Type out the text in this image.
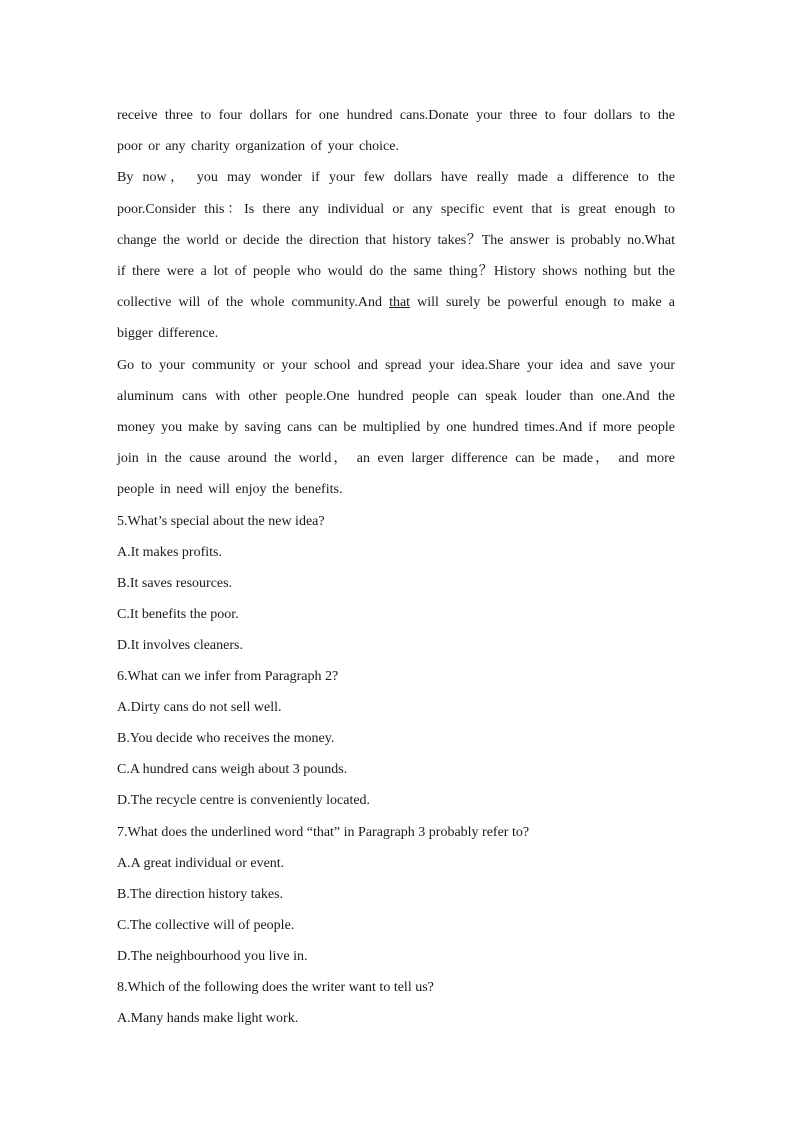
receive three to four dollars for one hundred cans.Donate your three to four dollars to the poor or any charity organization of your choice.

By now， you may wonder if your few dollars have really made a difference to the poor.Consider this：Is there any individual or any specific event that is great enough to change the world or decide the direction that history takes？The answer is probably no.What if there were a lot of people who would do the same thing？History shows nothing but the collective will of the whole community.And that will surely be powerful enough to make a bigger difference.

Go to your community or your school and spread your idea.Share your idea and save your aluminum cans with other people.One hundred people can speak louder than one.And the money you make by saving cans can be multiplied by one hundred times.And if more people join in the cause around the world， an even larger difference can be made， and more people in need will enjoy the benefits.

5.What’s special about the new idea?

A.It makes profits.

B.It saves resources.

C.It benefits the poor.

D.It involves cleaners.

6.What can we infer from Paragraph 2?

A.Dirty cans do not sell well.

B.You decide who receives the money.

C.A hundred cans weigh about 3 pounds.

D.The recycle centre is conveniently located.

7.What does the underlined word “that” in Paragraph 3 probably refer to?

A.A great individual or event.

B.The direction history takes.

C.The collective will of people.

D.The neighbourhood you live in.

8.Which of the following does the writer want to tell us?

A.Many hands make light work.
